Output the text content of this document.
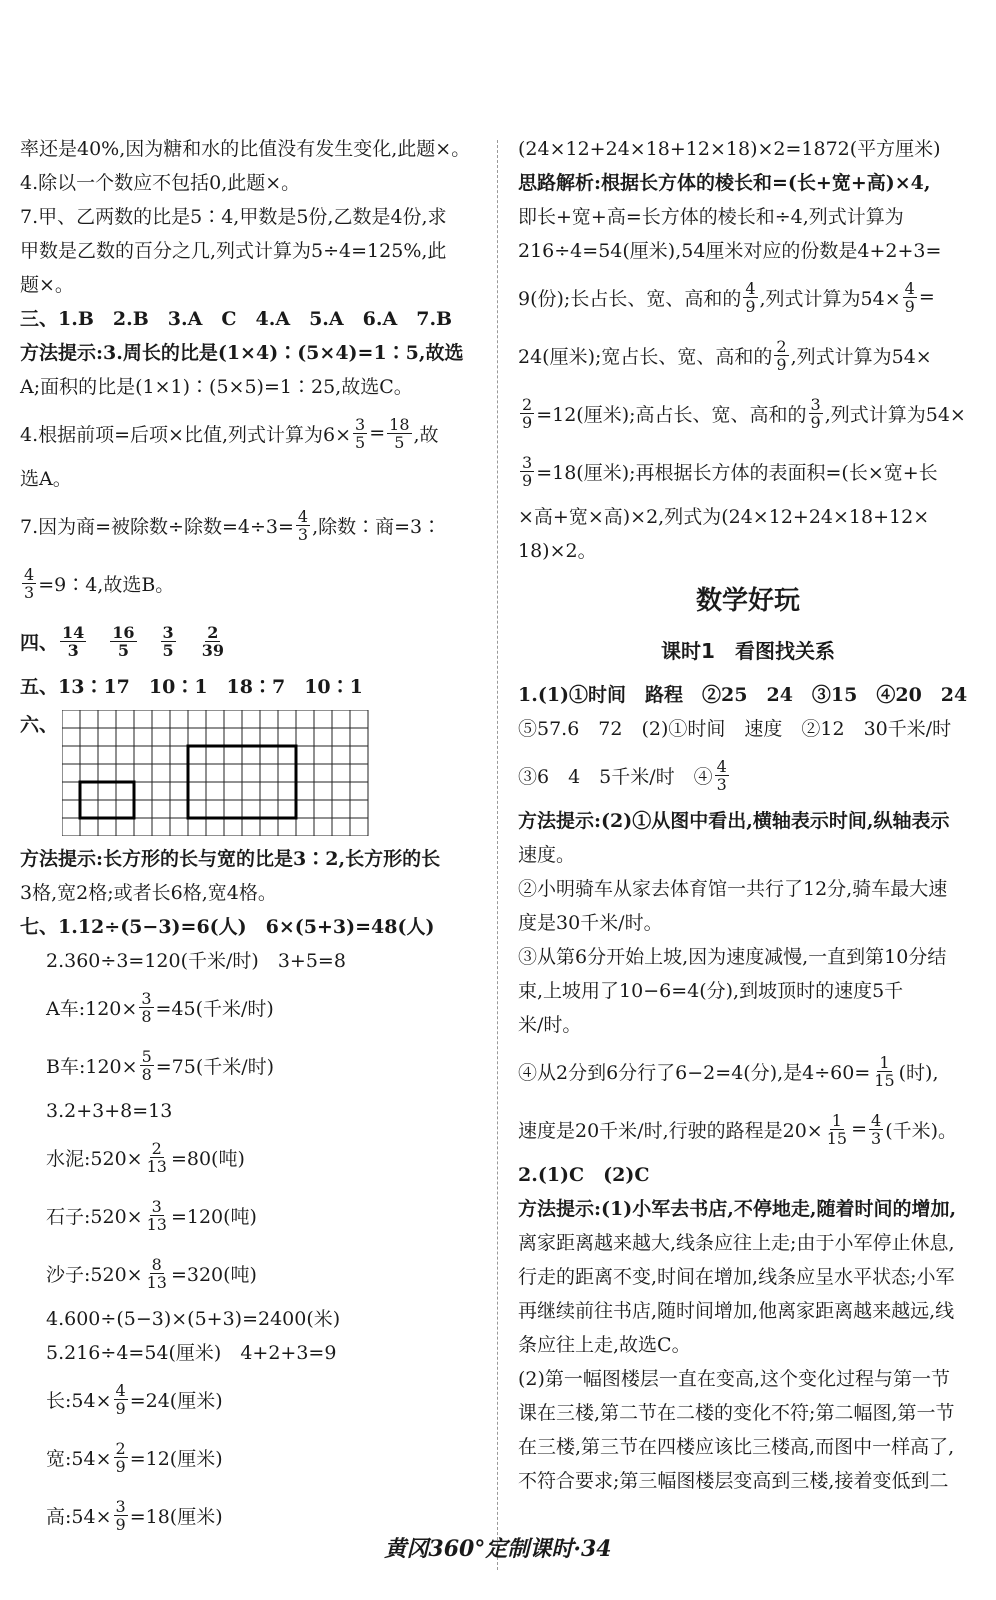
率还是40%,因为糖和水的比值没有发生变化,此题×。
4.除以一个数应不包括0,此题×。
7.甲、乙两数的比是5∶4,甲数是5份,乙数是4份,求
甲数是乙数的百分之几,列式计算为5÷4=125%,此
题×。
三、1.B　2.B　3.A　C　4.A　5.A　6.A　7.B
方法提示:3.周长的比是(1×4)∶(5×4)=1∶5,故选
A;面积的比是(1×1)∶(5×5)=1∶25,故选C。
4.根据前项=后项×比值,列式计算为$6\times \frac{3}{5} = \frac{18}{5}$ ,故
选A。
7.因为商=被除数÷除数$=4\div 3= \frac{4}{3}$ ,除数∶商=3∶
$\frac{4}{3}$ =9∶4,故选B。
四、 $\frac{14}{3} \frac{16}{5} \frac{3}{5} \frac{2}{39}$
五、13∶17　10∶1　18∶7　10∶1
六、
方法提示:长方形的长与宽的比是3∶2,长方形的长
3格,宽2格;或者长6格,宽4格。
七、1.12÷(5−3)=6(人)　6×(5+3)=48(人)
2.360÷3=120(千米/时)　3+5=8
A车:120× $\frac{3}{8} =45$(千米/时)
B车:120× $\frac{5}{8} =75$(千米/时)
3.2+3+8=13
水泥:520× $\frac{2}{13} =80$(吨)
石子:520× $\frac{3}{13} =120$(吨)
沙子:520× $\frac{8}{13} =320$(吨)
4.600÷(5−3)×(5+3)=2400(米)
5.216÷4=54(厘米)　4+2+3=9
长:54× $\frac{4}{9} =24$(厘米)
宽:54× $\frac{2}{9} =12$(厘米)
高:54× $\frac{3}{9} =18$(厘米)
(24×12+24×18+12×18)×2=1872(平方厘米)
思路解析:根据长方体的棱长和=(长+宽+高)×4,
即长+宽+高=长方体的棱长和÷4,列式计算为
216÷4=54(厘米),54厘米对应的份数是4+2+3=
9(份);长占长、宽、高和的 $\frac{4}{9}$ ,列式计算为$54\times \frac{4}{9}$ =
24(厘米);宽占长、宽、高和的 $\frac{2}{9}$ ,列式计算为54×
$\frac{2}{9} =12$(厘米);高占长、宽、高和的 $\frac{3}{9}$ ,列式计算为54×
$\frac{3}{9} =18$(厘米);再根据长方体的表面积=(长×宽+长
×高+宽×高)×2,列式为(24×12+24×18+12×
18)×2。
数学好玩
课时1　看图找关系
1.(1)①时间　路程　②25　24　③15　④20　24
⑤57.6　72　(2)①时间　速度　②12　30千米/时
③6　4　5千米/时　④ $\frac{4}{3}$
方法提示:(2)①从图中看出,横轴表示时间,纵轴表示
速度。
②小明骑车从家去体育馆一共行了12分,骑车最大速
度是30千米/时。
③从第6分开始上坡,因为速度减慢,一直到第10分结
束,上坡用了10−6=4(分),到坡顶时的速度5千
米/时。
④从2分到6分行了6−2=4(分),是$4\div 60= \frac{1}{15}$ (时),
速度是20千米/时,行驶的路程是$20\times \frac{1}{15} = \frac{4}{3}$ (千米)。
2.(1)C　(2)C
方法提示:(1)小军去书店,不停地走,随着时间的增加,
离家距离越来越大,线条应往上走;由于小军停止休息,
行走的距离不变,时间在增加,线条应呈水平状态;小军
再继续前往书店,随时间增加,他离家距离越来越远,线
条应往上走,故选C。
(2)第一幅图楼层一直在变高,这个变化过程与第一节
课在三楼,第二节在二楼的变化不符;第二幅图,第一节
在三楼,第三节在四楼应该比三楼高,而图中一样高了,
不符合要求;第三幅图楼层变高到三楼,接着变低到二
黄冈360°定制课时·34
